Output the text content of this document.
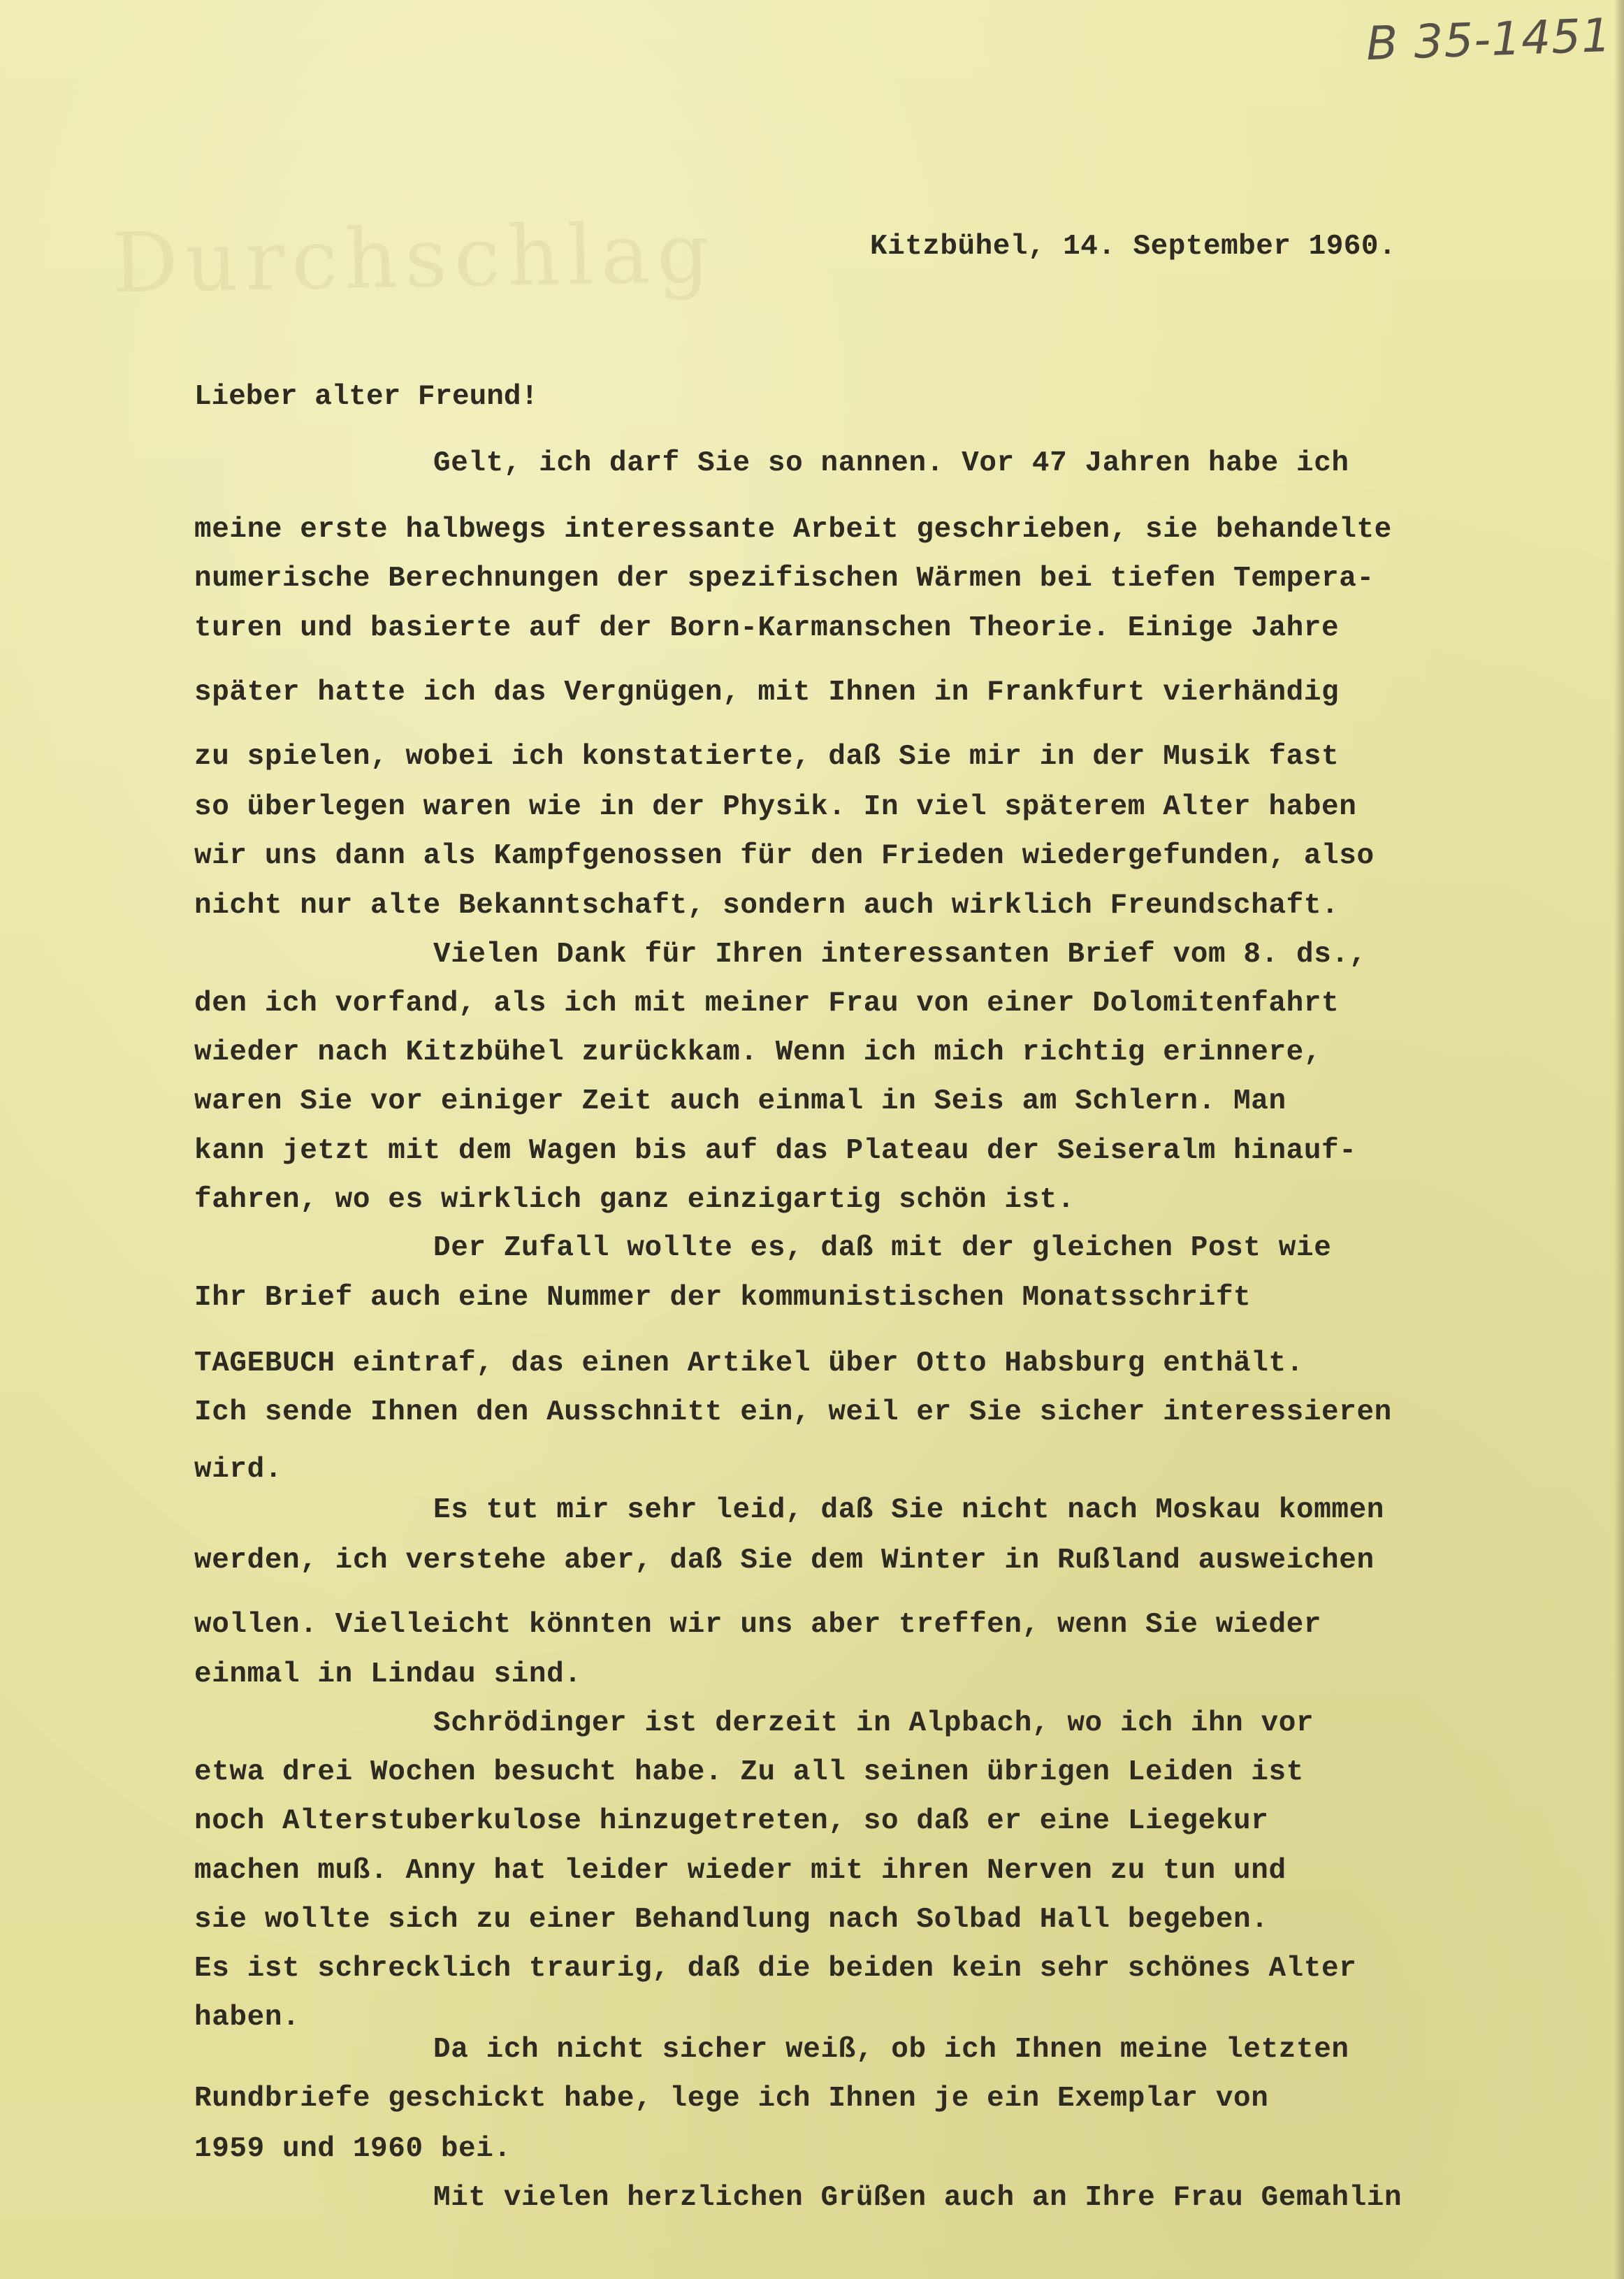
B 35-1451
Durchschlag	Kitzbühel, 14. September 1960.
Lieber alter Freund!
Gelt, ich darf Sie so nannen. Vor 47 Jahren habe ich
meine erste halbwegs interessante Arbeit geschrieben, sie behandelte
numerische Berechnungen der spezifischen Wärmen bei tiefen Tempera-
turen und basierte auf der Born-Karmanschen Theorie. Einige Jahre
später hatte ich das Vergnügen, mit Ihnen in Frankfurt vierhändig
zu spielen, wobei ich konstatierte, daß Sie mir in der Musik fast
so überlegen waren wie in der Physik. In viel späterem Alter haben
wir uns dann als Kampfgenossen für den Frieden wiedergefunden, also
nicht nur alte Bekanntschaft, sondern auch wirklich Freundschaft.
Vielen Dank für Ihren interessanten Brief vom 8. ds.,
den ich vorfand, als ich mit meiner Frau von einer Dolomitenfahrt
wieder nach Kitzbühel zurückkam. Wenn ich mich richtig erinnere,
waren Sie vor einiger Zeit auch einmal in Seis am Schlern. Man
kann jetzt mit dem Wagen bis auf das Plateau der Seiseralm hinauf-
fahren, wo es wirklich ganz einzigartig schön ist.
Der Zufall wollte es, daß mit der gleichen Post wie
Ihr Brief auch eine Nummer der kommunistischen Monatsschrift
TAGEBUCH eintraf, das einen Artikel über Otto Habsburg enthält.
Ich sende Ihnen den Ausschnitt ein, weil er Sie sicher interessieren
wird.
Es tut mir sehr leid, daß Sie nicht nach Moskau kommen
werden, ich verstehe aber, daß Sie dem Winter in Rußland ausweichen
wollen. Vielleicht könnten wir uns aber treffen, wenn Sie wieder
einmal in Lindau sind.
Schrödinger ist derzeit in Alpbach, wo ich ihn vor
etwa drei Wochen besucht habe. Zu all seinen übrigen Leiden ist
noch Alterstuberkulose hinzugetreten, so daß er eine Liegekur
machen muß. Anny hat leider wieder mit ihren Nerven zu tun und
sie wollte sich zu einer Behandlung nach Solbad Hall begeben.
Es ist schrecklich traurig, daß die beiden kein sehr schönes Alter
haben.
Da ich nicht sicher weiß, ob ich Ihnen meine letzten
Rundbriefe geschickt habe, lege ich Ihnen je ein Exemplar von
1959 und 1960 bei.
Mit vielen herzlichen Grüßen auch an Ihre Frau Gemahlin
